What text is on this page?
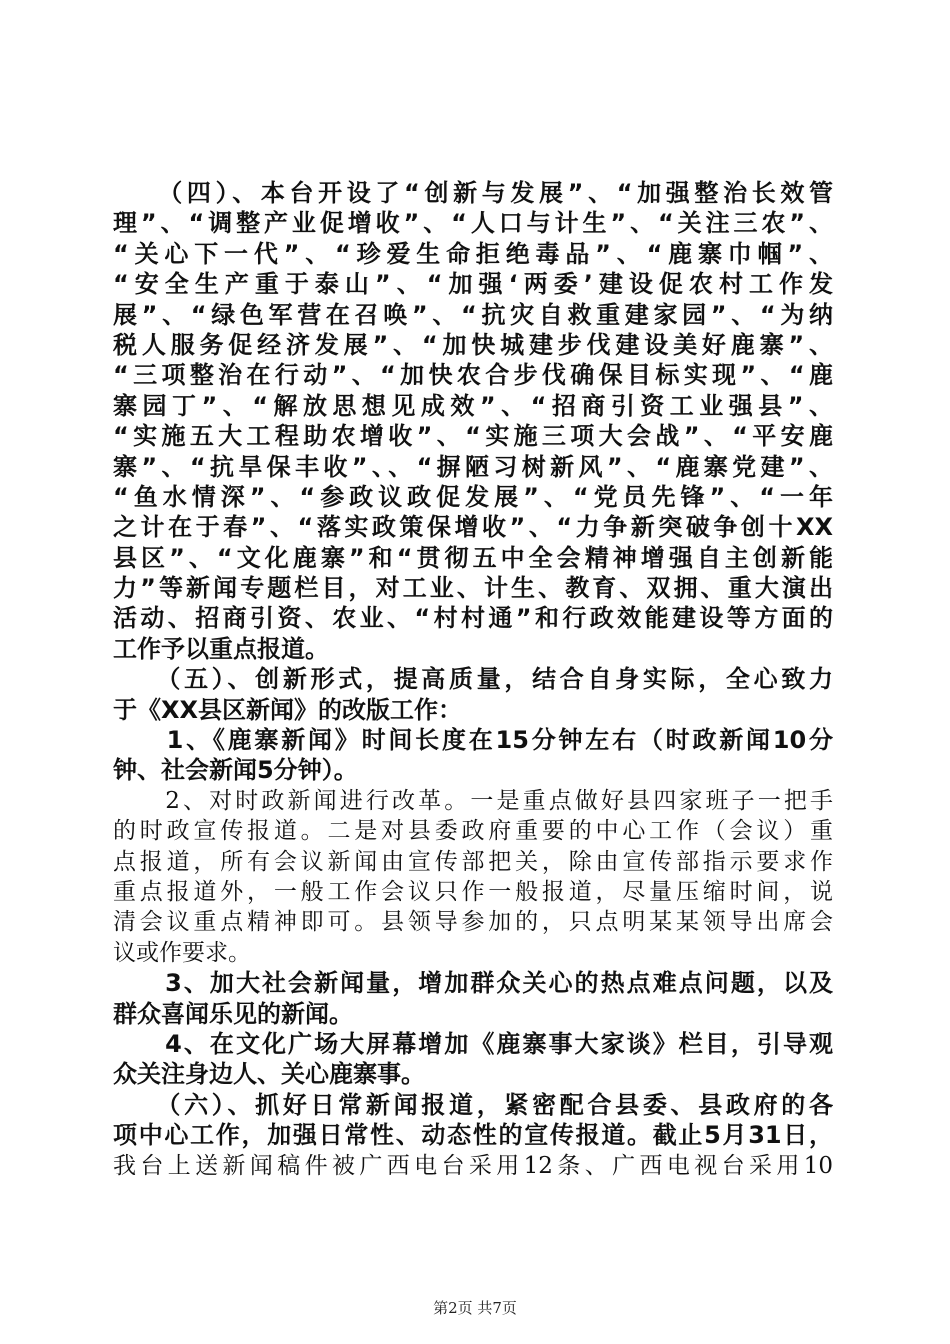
　　（四）、本台开设了“创新与发展”、“加强整治长效管
理”、“调整产业促增收”、“人口与计生”、“关注三农”、
“关心下一代”、“珍爱生命拒绝毒品”、“鹿寨巾帼”、
“安全生产重于泰山”、“加强‘两委’建设促农村工作发
展”、“绿色军营在召唤”、“抗灾自救重建家园”、“为纳
税人服务促经济发展”、“加快城建步伐建设美好鹿寨”、
“三项整治在行动”、“加快农合步伐确保目标实现”、“鹿
寨园丁”、“解放思想见成效”、“招商引资工业强县”、
“实施五大工程助农增收”、“实施三项大会战”、“平安鹿
寨”、“抗旱保丰收”、、“摒陋习树新风”、“鹿寨党建”、
“鱼水情深”、“参政议政促发展”、“党员先锋”、“一年
之计在于春”、“落实政策保增收”、“力争新突破争创十XX
县区”、“文化鹿寨”和“贯彻五中全会精神增强自主创新能
力”等新闻专题栏目，对工业、计生、教育、双拥、重大演出
活动、招商引资、农业、“村村通”和行政效能建设等方面的
工作予以重点报道。
　　（五）、创新形式，提高质量，结合自身实际，全心致力
于《XX县区新闻》的改版工作：
　　1、《鹿寨新闻》时间长度在15分钟左右（时政新闻10分
钟、社会新闻5分钟）。
　　2、对时政新闻进行改革。一是重点做好县四家班子一把手
的时政宣传报道。二是对县委政府重要的中心工作（会议）重
点报道，所有会议新闻由宣传部把关，除由宣传部指示要求作
重点报道外，一般工作会议只作一般报道，尽量压缩时间，说
清会议重点精神即可。县领导参加的，只点明某某领导出席会
议或作要求。
　　3、加大社会新闻量，增加群众关心的热点难点问题，以及
群众喜闻乐见的新闻。
　　4、在文化广场大屏幕增加《鹿寨事大家谈》栏目，引导观
众关注身边人、关心鹿寨事。
　　（六）、抓好日常新闻报道，紧密配合县委、县政府的各
项中心工作，加强日常性、动态性的宣传报道。截止5月31日，
我台上送新闻稿件被广西电台采用12条、广西电视台采用10
第2页 共7页
